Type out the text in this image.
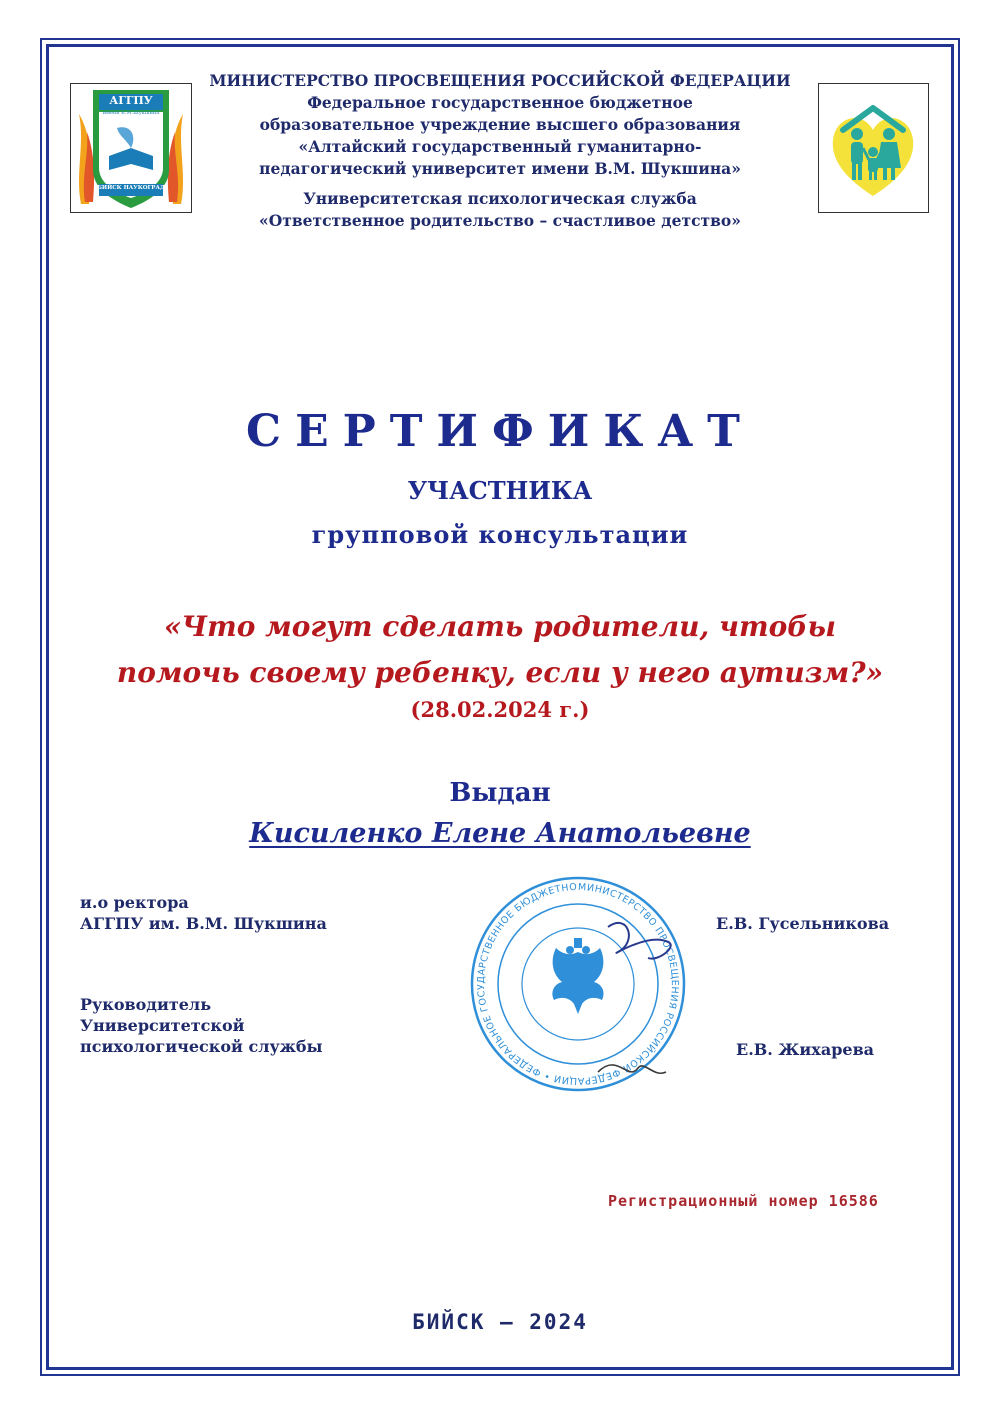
АГГПУ
имени В.М.Шукшина
БИЙСК НАУКОГРАД
МИНИСТЕРСТВО ПРОСВЕЩЕНИЯ РОССИЙСКОЙ ФЕДЕРАЦИИ
Федеральное государственное бюджетное
образовательное учреждение высшего образования
«Алтайский государственный гуманитарно-
педагогический университет имени В.М. Шукшина»
Университетская психологическая служба
«Ответственное родительство – счастливое детство»
СЕРТИФИКАТ
УЧАСТНИКА
групповой консультации
«Что могут сделать родители, чтобы
помочь своему ребенку, если у него аутизм?»
(28.02.2024 г.)
Выдан
Кисиленко Елене Анатольевне
МИНИСТЕРСТВО ПРОСВЕЩЕНИЯ РОССИЙСКОЙ ФЕДЕРАЦИИ • ФЕДЕРАЛЬНОЕ ГОСУДАРСТВЕННОЕ БЮДЖЕТНО
и.о ректора
АГГПУ им. В.М. Шукшина	Е.В. Гусельникова
Руководитель
Университетской
психологической службы	Е.В. Жихарева
Регистрационный номер 16586
БИЙСК – 2024
